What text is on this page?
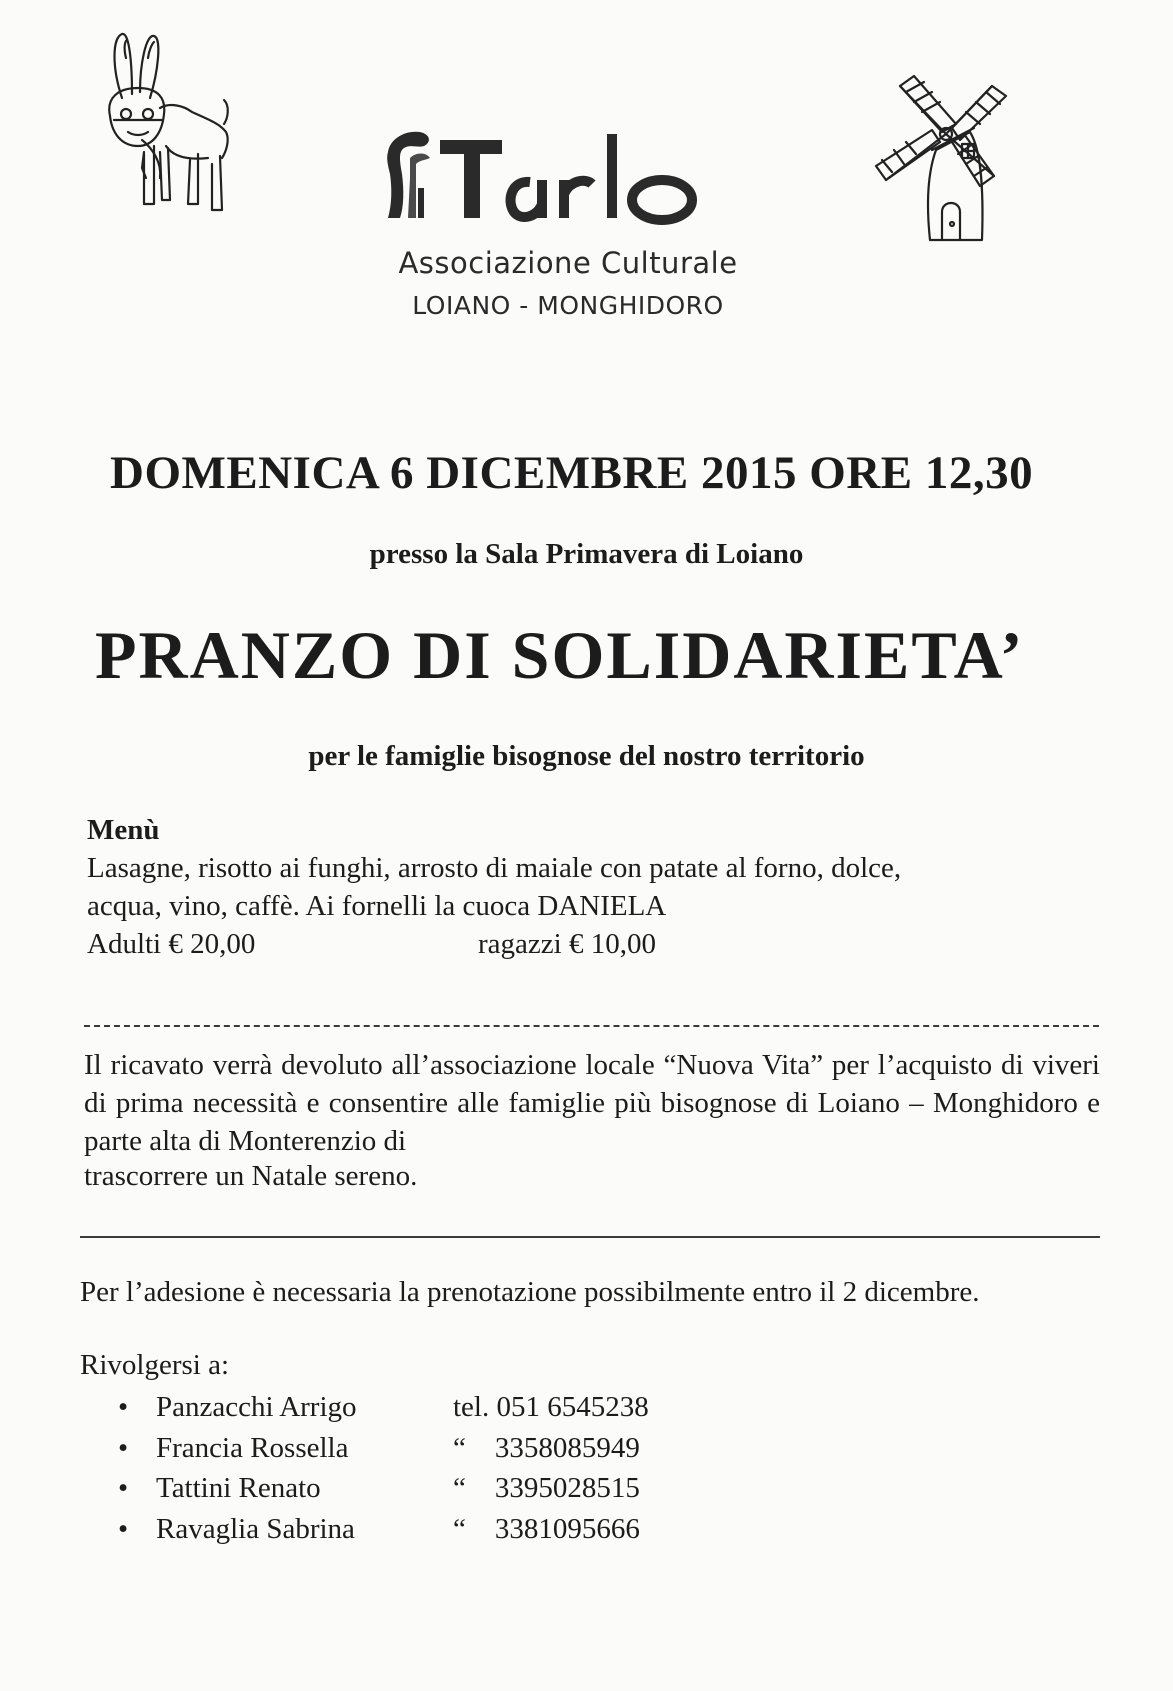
Associazione Culturale
LOIANO - MONGHIDORO
DOMENICA 6 DICEMBRE 2015 ORE 12,30
presso la Sala Primavera di Loiano
PRANZO DI SOLIDARIETA’
per le famiglie bisognose del nostro territorio
Menù
Lasagne, risotto ai funghi, arrosto di maiale con patate al forno, dolce,
acqua, vino, caffè. Ai fornelli la cuoca DANIELA
Adulti € 20,00	ragazzi € 10,00
Il ricavato verrà devoluto all’associazione locale “Nuova Vita” per l’acquisto di viveri di prima necessità e consentire alle famiglie più bisognose di Loiano – Monghidoro e parte alta di Monterenzio di
trascorrere un Natale sereno.
Per l’adesione è necessaria la prenotazione possibilmente entro il 2 dicembre.
Rivolgersi a:
• Panzacchi Arrigo	tel. 051 6545238
• Francia Rossella	“    3358085949
• Tattini Renato	“    3395028515
• Ravaglia Sabrina	“    3381095666
